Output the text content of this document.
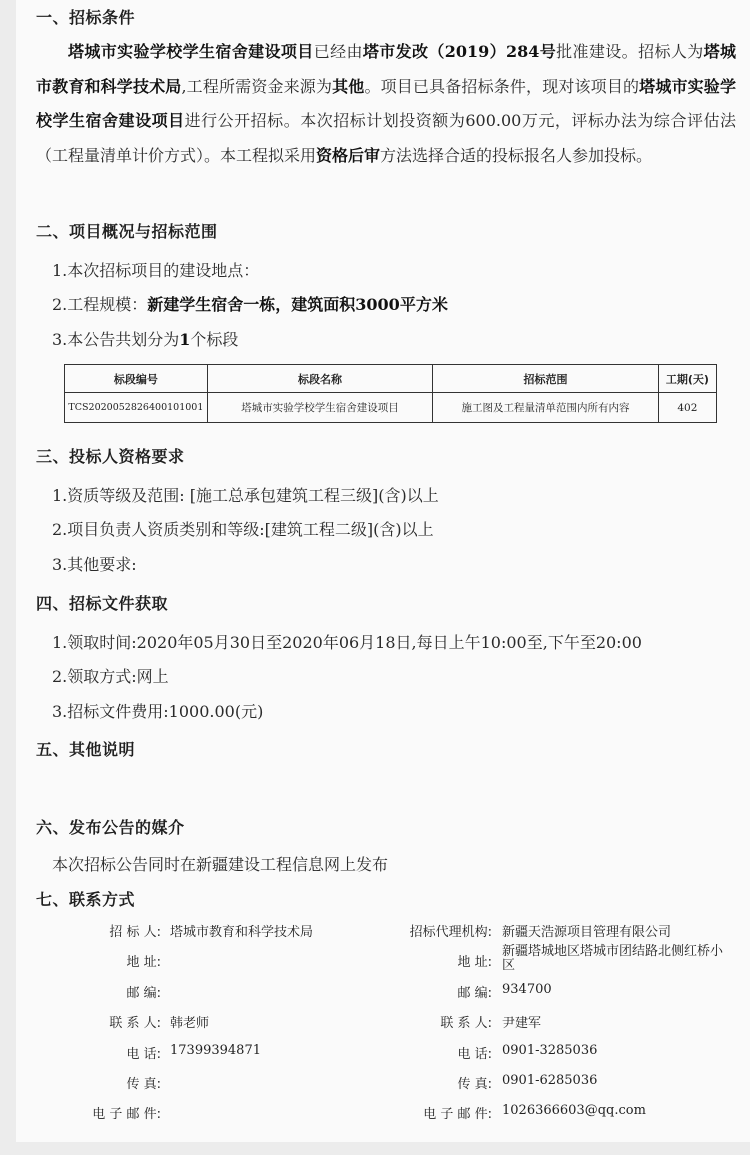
一、招标条件
塔城市实验学校学生宿舍建设项目已经由塔市发改（2019）284号批准建设。招标人为塔城市教育和科学技术局,工程所需资金来源为其他。项目已具备招标条件，现对该项目的塔城市实验学校学生宿舍建设项目进行公开招标。本次招标计划投资额为600.00万元，评标办法为综合评估法（工程量清单计价方式）。本工程拟采用资格后审方法选择合适的投标报名人参加投标。
二、项目概况与招标范围
1.本次招标项目的建设地点：
2.工程规模：新建学生宿舍一栋，建筑面积3000平方米
3.本公告共划分为1个标段
标段编号	标段名称	招标范围	工期(天)
TCS2020052826400101001	塔城市实验学校学生宿舍建设项目	施工图及工程量清单范围内所有内容	402
三、投标人资格要求
1.资质等级及范围: [施工总承包建筑工程三级](含)以上
2.项目负责人资质类别和等级:[建筑工程二级](含)以上
3.其他要求:
四、招标文件获取
1.领取时间:2020年05月30日至2020年06月18日,每日上午10:00至,下午至20:00
2.领取方式:网上
3.招标文件费用:1000.00(元)
五、其他说明
六、发布公告的媒介
本次招标公告同时在新疆建设工程信息网上发布
七、联系方式
招 标 人: 塔城市教育和科学技术局
地 址:
邮 编:
联 系 人: 韩老师
电 话: 17399394871
传 真:
电 子 邮 件:
招标代理机构: 新疆天浩源项目管理有限公司
地 址:
新疆塔城地区塔城市团结路北侧红桥小区
邮 编: 934700
联 系 人: 尹建军
电 话: 0901-3285036
传 真: 0901-6285036
电 子 邮 件: 1026366603@qq.com
